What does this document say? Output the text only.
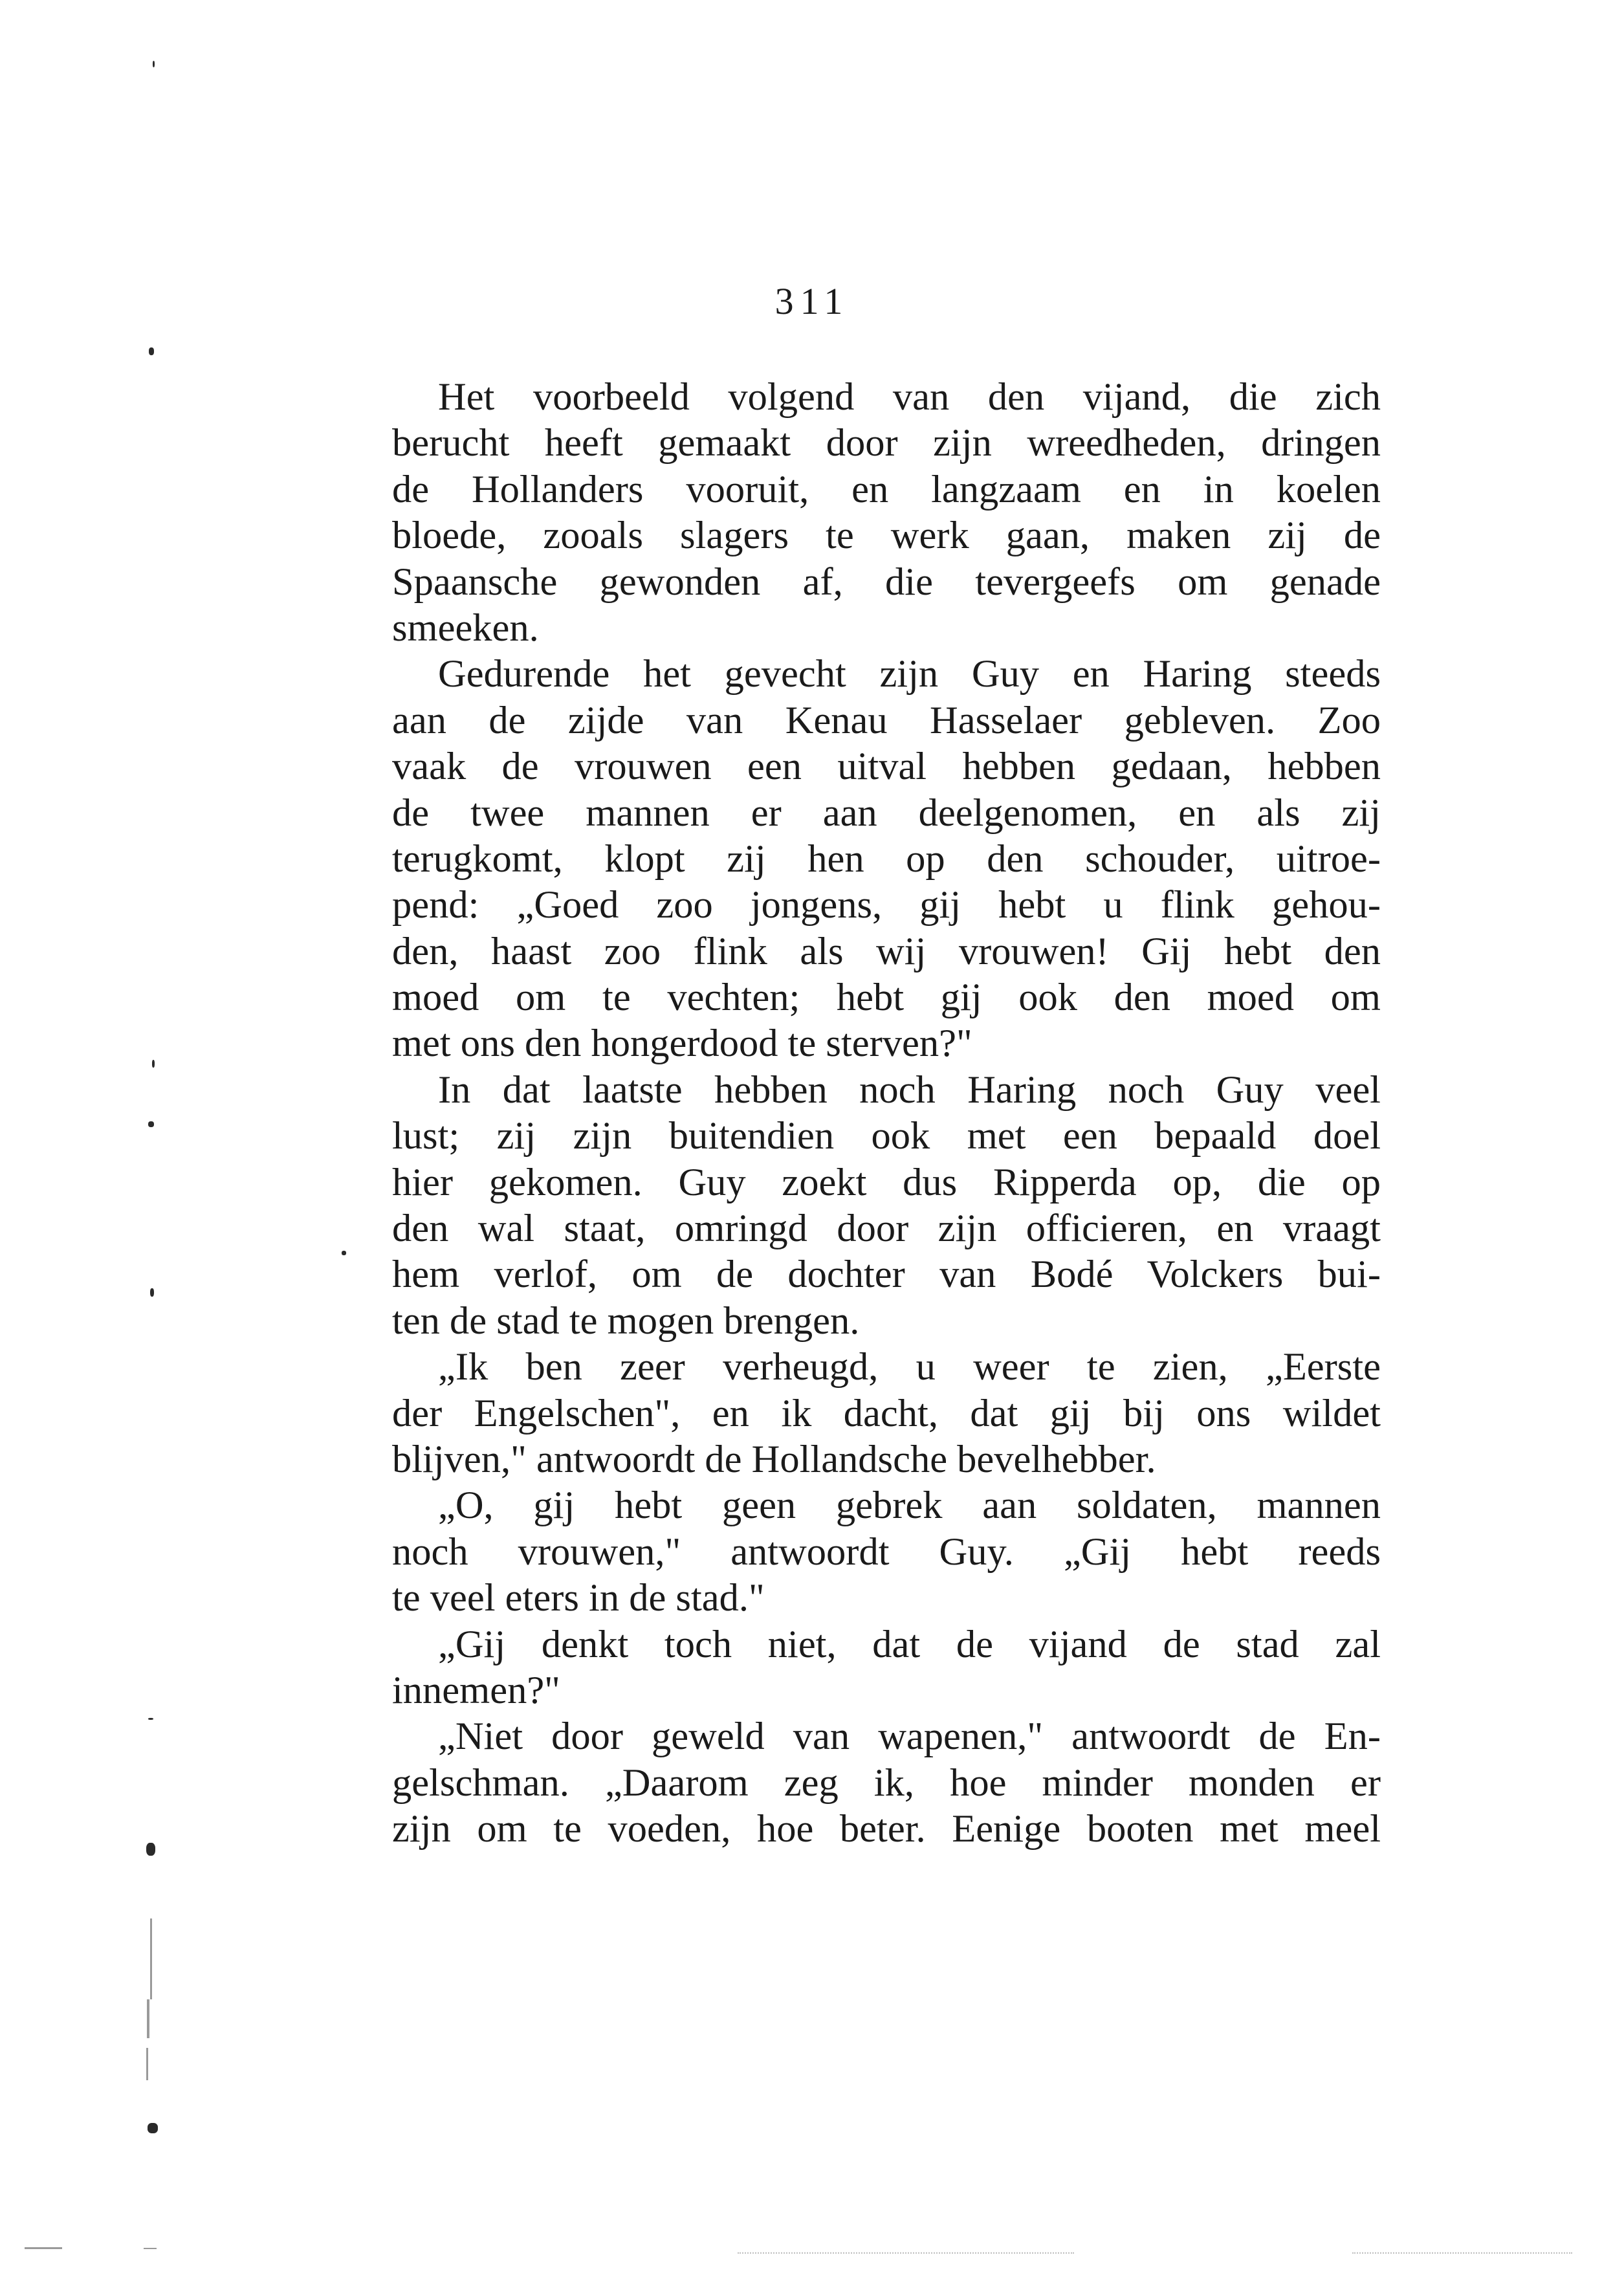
311
Het voorbeeld volgend van den vijand, die zich
berucht heeft gemaakt door zijn wreedheden, dringen
de Hollanders vooruit, en langzaam en in koelen
bloede, zooals slagers te werk gaan, maken zij de
Spaansche gewonden af, die tevergeefs om genade
smeeken.
Gedurende het gevecht zijn Guy en Haring steeds
aan de zijde van Kenau Hasselaer gebleven. Zoo
vaak de vrouwen een uitval hebben gedaan, hebben
de twee mannen er aan deelgenomen, en als zij
terugkomt, klopt zij hen op den schouder, uitroe-
pend: „Goed zoo jongens, gij hebt u flink gehou-
den, haast zoo flink als wij vrouwen! Gij hebt den
moed om te vechten; hebt gij ook den moed om
met ons den hongerdood te sterven?"
In dat laatste hebben noch Haring noch Guy veel
lust; zij zijn buitendien ook met een bepaald doel
hier gekomen. Guy zoekt dus Ripperda op, die op
den wal staat, omringd door zijn officieren, en vraagt
hem verlof, om de dochter van Bodé Volckers bui-
ten de stad te mogen brengen.
„Ik ben zeer verheugd, u weer te zien, „Eerste
der Engelschen", en ik dacht, dat gij bij ons wildet
blijven," antwoordt de Hollandsche bevelhebber.
„O, gij hebt geen gebrek aan soldaten, mannen
noch vrouwen," antwoordt Guy. „Gij hebt reeds
te veel eters in de stad."
„Gij denkt toch niet, dat de vijand de stad zal
innemen?"
„Niet door geweld van wapenen," antwoordt de En-
gelschman. „Daarom zeg ik, hoe minder monden er
zijn om te voeden, hoe beter. Eenige booten met meel
